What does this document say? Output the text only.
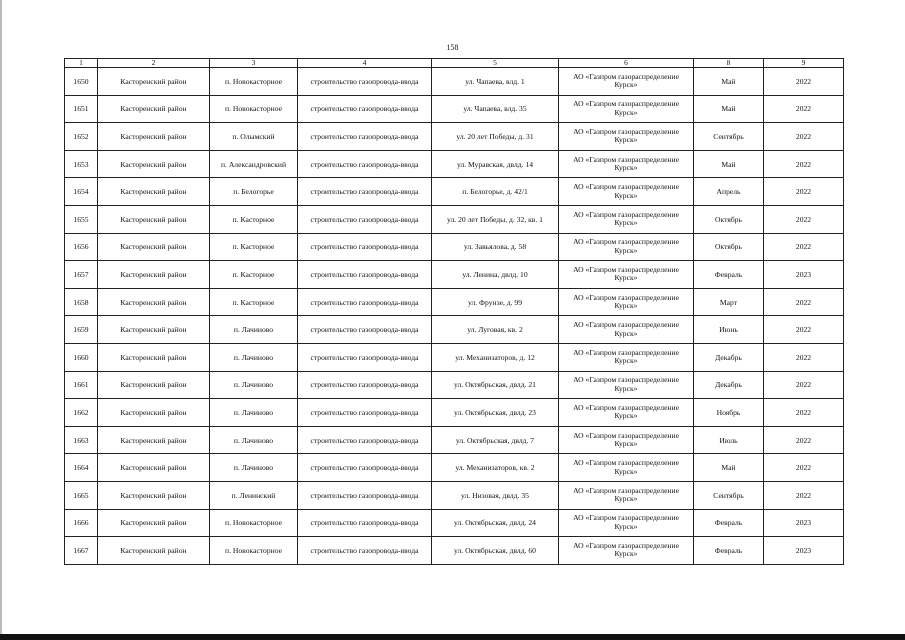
158
1	2	3	4	5	6	8	9
1650	Касторенский район	п. Новокасторное	строительство газопровода-ввода	ул. Чапаева, влд. 1	АО «Газпром газораспределение Курск»	Май	2022
1651	Касторенский район	п. Новокасторное	строительство газопровода-ввода	ул. Чапаева, влд. 35	АО «Газпром газораспределение Курск»	Май	2022
1652	Касторенский район	п. Олымский	строительство газопровода-ввода	ул. 20 лет Победы, д. 31	АО «Газпром газораспределение Курск»	Сентябрь	2022
1653	Касторенский район	п. Александровский	строительство газопровода-ввода	ул. Муравская, двлд. 14	АО «Газпром газораспределение Курск»	Май	2022
1654	Касторенский район	п. Белогорье	строительство газопровода-ввода	п. Белогорье, д. 42/1	АО «Газпром газораспределение Курск»	Апрель	2022
1655	Касторенский район	п. Касторное	строительство газопровода-ввода	ул. 20 лет Победы, д. 32, кв. 1	АО «Газпром газораспределение Курск»	Октябрь	2022
1656	Касторенский район	п. Касторное	строительство газопровода-ввода	ул. Завьялова, д. 58	АО «Газпром газораспределение Курск»	Октябрь	2022
1657	Касторенский район	п. Касторное	строительство газопровода-ввода	ул. Ленина, двлд. 10	АО «Газпром газораспределение Курск»	Февраль	2023
1658	Касторенский район	п. Касторное	строительство газопровода-ввода	ул. Фрунзе, д. 99	АО «Газпром газораспределение Курск»	Март	2022
1659	Касторенский район	п. Лачиново	строительство газопровода-ввода	ул. Луговая, кв. 2	АО «Газпром газораспределение Курск»	Июнь	2022
1660	Касторенский район	п. Лачиново	строительство газопровода-ввода	ул. Механизаторов, д. 12	АО «Газпром газораспределение Курск»	Декабрь	2022
1661	Касторенский район	п. Лачиново	строительство газопровода-ввода	ул. Октябрьская, двлд. 21	АО «Газпром газораспределение Курск»	Декабрь	2022
1662	Касторенский район	п. Лачиново	строительство газопровода-ввода	ул. Октябрьская, двлд. 23	АО «Газпром газораспределение Курск»	Ноябрь	2022
1663	Касторенский район	п. Лачиново	строительство газопровода-ввода	ул. Октябрьская, двлд. 7	АО «Газпром газораспределение Курск»	Июль	2022
1664	Касторенский район	п. Лачиново	строительство газопровода-ввода	ул. Механизаторов, кв. 2	АО «Газпром газораспределение Курск»	Май	2022
1665	Касторенский район	п. Ленинский	строительство газопровода-ввода	ул. Низовая, двлд. 35	АО «Газпром газораспределение Курск»	Сентябрь	2022
1666	Касторенский район	п. Новокасторное	строительство газопровода-ввода	ул. Октябрьская, двлд. 24	АО «Газпром газораспределение Курск»	Февраль	2023
1667	Касторенский район	п. Новокасторное	строительство газопровода-ввода	ул. Октябрьская, двлд. 60	АО «Газпром газораспределение Курск»	Февраль	2023
